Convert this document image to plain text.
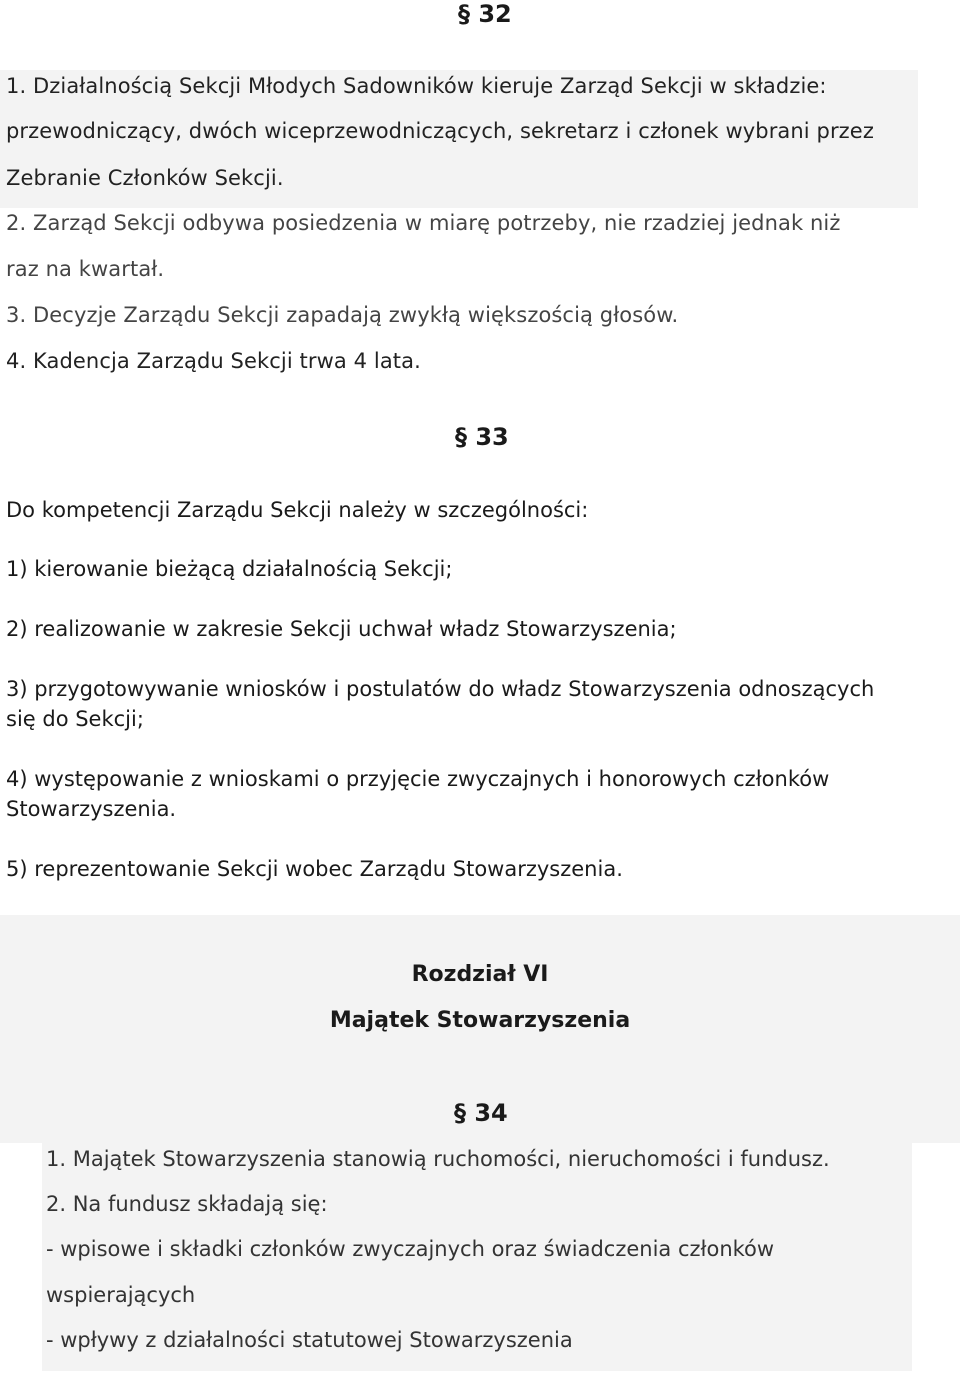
§ 32
1. Działalnością Sekcji Młodych Sadowników kieruje Zarząd Sekcji w składzie:
przewodniczący, dwóch wiceprzewodniczących, sekretarz i członek wybrani przez
Zebranie Członków Sekcji.
2. Zarząd Sekcji odbywa posiedzenia w miarę potrzeby, nie rzadziej jednak niż
raz na kwartał.
3. Decyzje Zarządu Sekcji zapadają zwykłą większością głosów.
4. Kadencja Zarządu Sekcji trwa 4 lata.
§ 33
Do kompetencji Zarządu Sekcji należy w szczególności:
1) kierowanie bieżącą działalnością Sekcji;
2) realizowanie w zakresie Sekcji uchwał władz Stowarzyszenia;
3) przygotowywanie wniosków i postulatów do władz Stowarzyszenia odnoszących
się do Sekcji;
4) występowanie z wnioskami o przyjęcie zwyczajnych i honorowych członków
Stowarzyszenia.
5) reprezentowanie Sekcji wobec Zarządu Stowarzyszenia.
Rozdział VI
Majątek Stowarzyszenia
§ 34
1. Majątek Stowarzyszenia stanowią ruchomości, nieruchomości i fundusz.
2. Na fundusz składają się:
- wpisowe i składki członków zwyczajnych oraz świadczenia członków
wspierających
- wpływy z działalności statutowej Stowarzyszenia
